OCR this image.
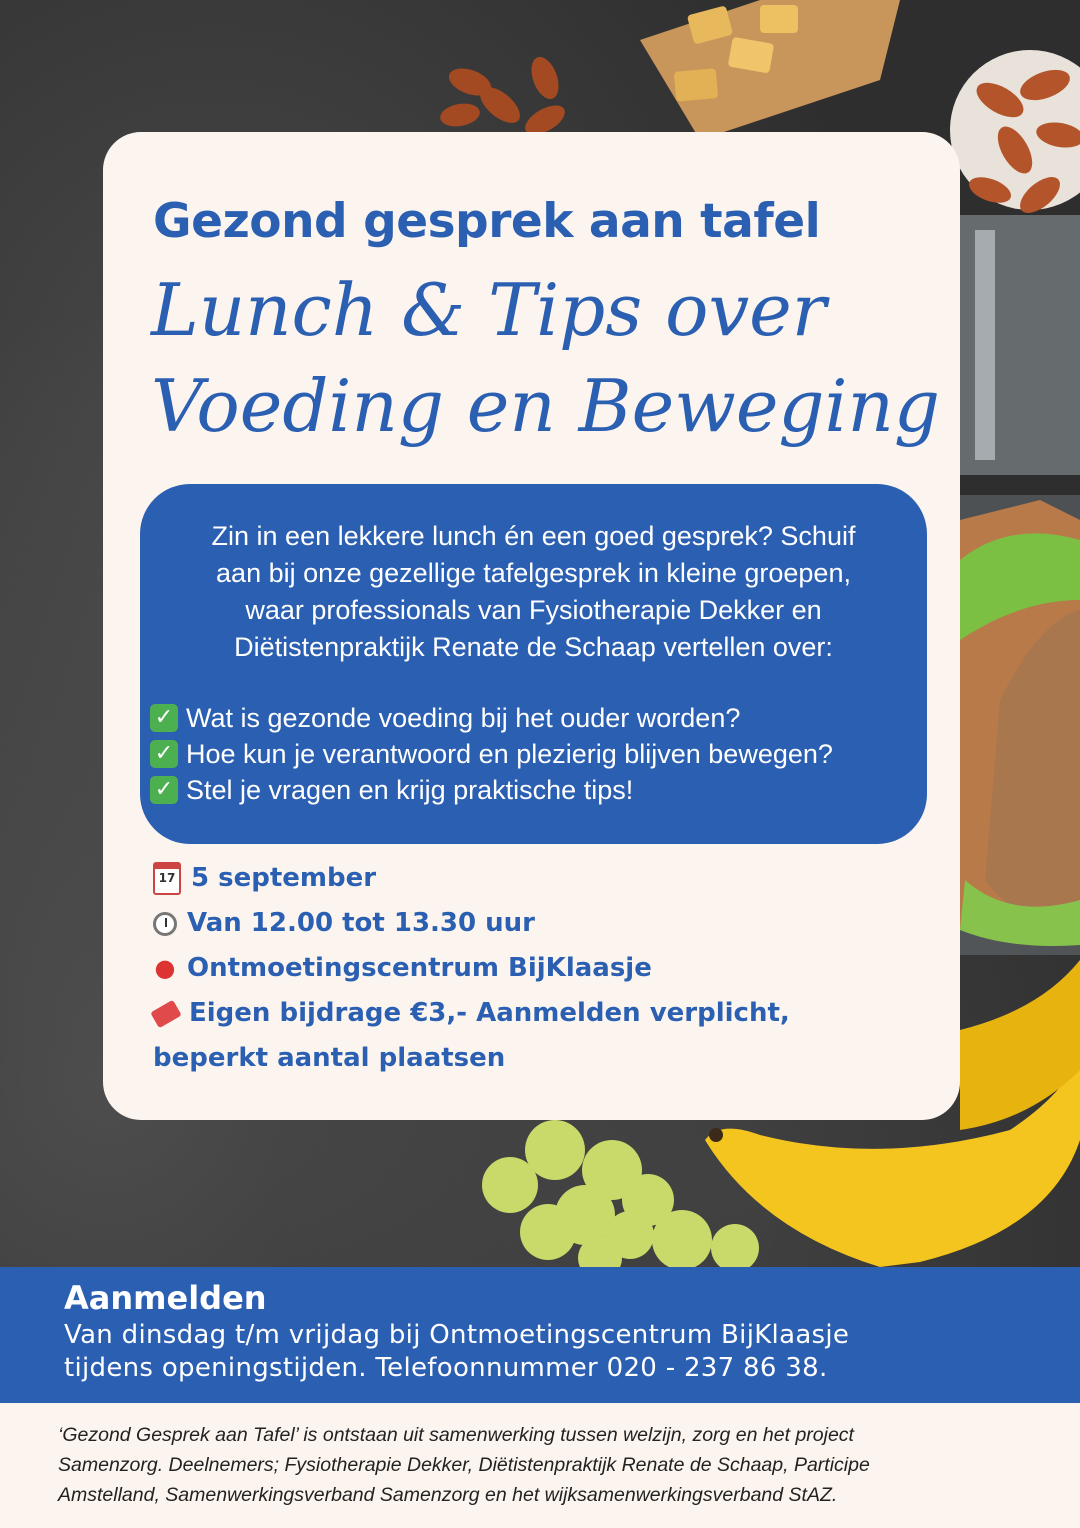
Gezond gesprek aan tafel
Lunch & Tips over
Voeding en Beweging
Zin in een lekkere lunch én een goed gesprek? Schuif
aan bij onze gezellige tafelgesprek in kleine groepen,
waar professionals van Fysiotherapie Dekker en
Diëtistenpraktijk Renate de Schaap vertellen over:
✓ Wat is gezonde voeding bij het ouder worden?
✓ Hoe kun je verantwoord en plezierig blijven bewegen?
✓ Stel je vragen en krijg praktische tips!
17 5 september
Van 12.00 tot 13.30 uur
● Ontmoetingscentrum BijKlaasje
Eigen bijdrage €3,- Aanmelden verplicht,
beperkt aantal plaatsen
Aanmelden
Van dinsdag t/m vrijdag bij Ontmoetingscentrum BijKlaasje
tijdens openingstijden. Telefoonnummer 020 - 237 86 38.
‘Gezond Gesprek aan Tafel’ is ontstaan uit samenwerking tussen welzijn, zorg en het project
Samenzorg. Deelnemers; Fysiotherapie Dekker, Diëtistenpraktijk Renate de Schaap, Participe
Amstelland, Samenwerkingsverband Samenzorg en het wijksamenwerkingsverband StAZ.
